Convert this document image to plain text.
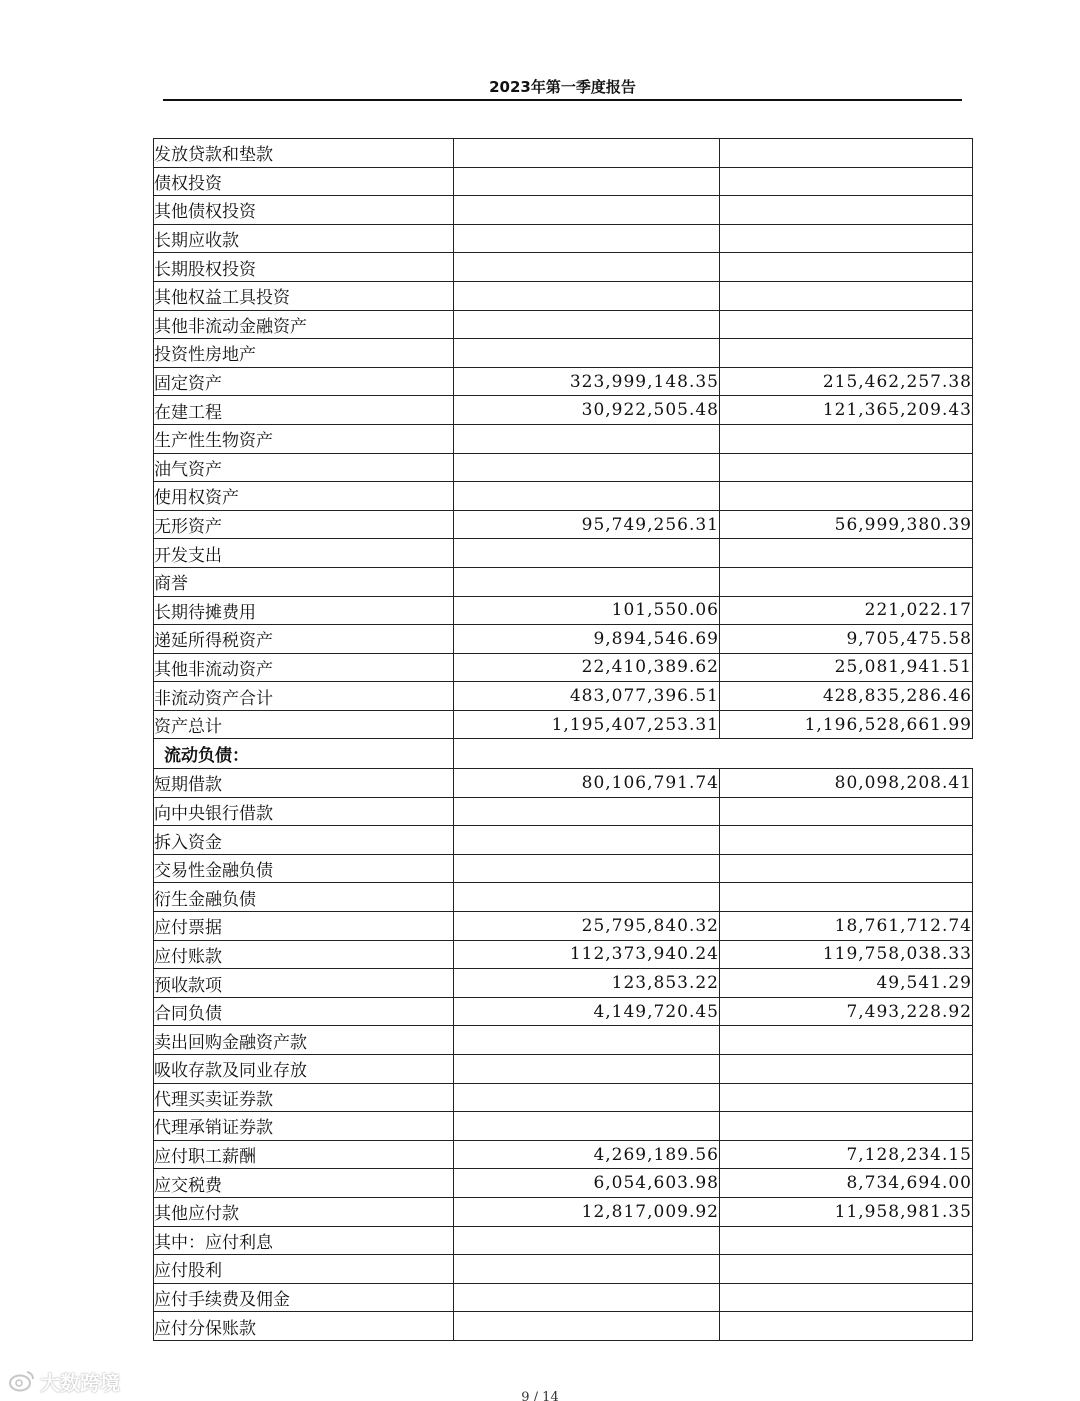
2023年第一季度报告
发放贷款和垫款		
债权投资		
其他债权投资		
长期应收款		
长期股权投资		
其他权益工具投资		
其他非流动金融资产		
投资性房地产		
固定资产	323,999,148.35	215,462,257.38
在建工程	30,922,505.48	121,365,209.43
生产性生物资产		
油气资产		
使用权资产		
无形资产	95,749,256.31	56,999,380.39
开发支出		
商誉		
长期待摊费用	101,550.06	221,022.17
递延所得税资产	9,894,546.69	9,705,475.58
其他非流动资产	22,410,389.62	25,081,941.51
非流动资产合计	483,077,396.51	428,835,286.46
资产总计	1,195,407,253.31	1,196,528,661.99
流动负债：		
短期借款	80,106,791.74	80,098,208.41
向中央银行借款		
拆入资金		
交易性金融负债		
衍生金融负债		
应付票据	25,795,840.32	18,761,712.74
应付账款	112,373,940.24	119,758,038.33
预收款项	123,853.22	49,541.29
合同负债	4,149,720.45	7,493,228.92
卖出回购金融资产款		
吸收存款及同业存放		
代理买卖证券款		
代理承销证券款		
应付职工薪酬	4,269,189.56	7,128,234.15
应交税费	6,054,603.98	8,734,694.00
其他应付款	12,817,009.92	11,958,981.35
其中：应付利息		
应付股利		
应付手续费及佣金		
应付分保账款		
9 / 14
大数跨境
